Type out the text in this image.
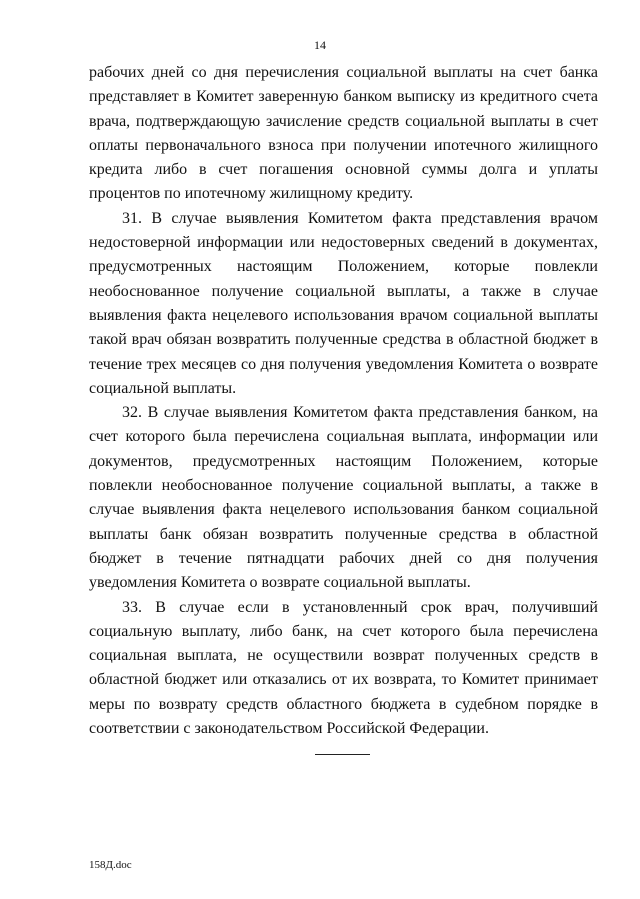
14

рабочих дней со дня перечисления социальной выплаты на счет банка представляет в Комитет заверенную банком выписку из кредитного счета врача, подтверждающую зачисление средств социальной выплаты в счет оплаты первоначального взноса при получении ипотечного жилищного кредита либо в счет погашения основной суммы долга и уплаты процентов по ипотечному жилищному кредиту.

31. В случае выявления Комитетом факта представления врачом недостоверной информации или недостоверных сведений в документах, предусмотренных настоящим Положением, которые повлекли необоснованное получение социальной выплаты, а также в случае выявления факта нецелевого использования врачом социальной выплаты такой врач обязан возвратить полученные средства в областной бюджет в течение трех месяцев со дня получения уведомления Комитета о возврате социальной выплаты.

32. В случае выявления Комитетом факта представления банком, на счет которого была перечислена социальная выплата, информации или документов, предусмотренных настоящим Положением, которые повлекли необоснованное получение социальной выплаты, а также в случае выявления факта нецелевого использования банком социальной выплаты банк обязан возвратить полученные средства в областной бюджет в течение пятнадцати рабочих дней со дня получения уведомления Комитета о возврате социальной выплаты.

33. В случае если в установленный срок врач, получивший социальную выплату, либо банк, на счет которого была перечислена социальная выплата, не осуществили возврат полученных средств в областной бюджет или отказались от их возврата, то Комитет принимает меры по возврату средств областного бюджета в судебном порядке в соответствии с законодательством Российской Федерации.

158Д.doc
